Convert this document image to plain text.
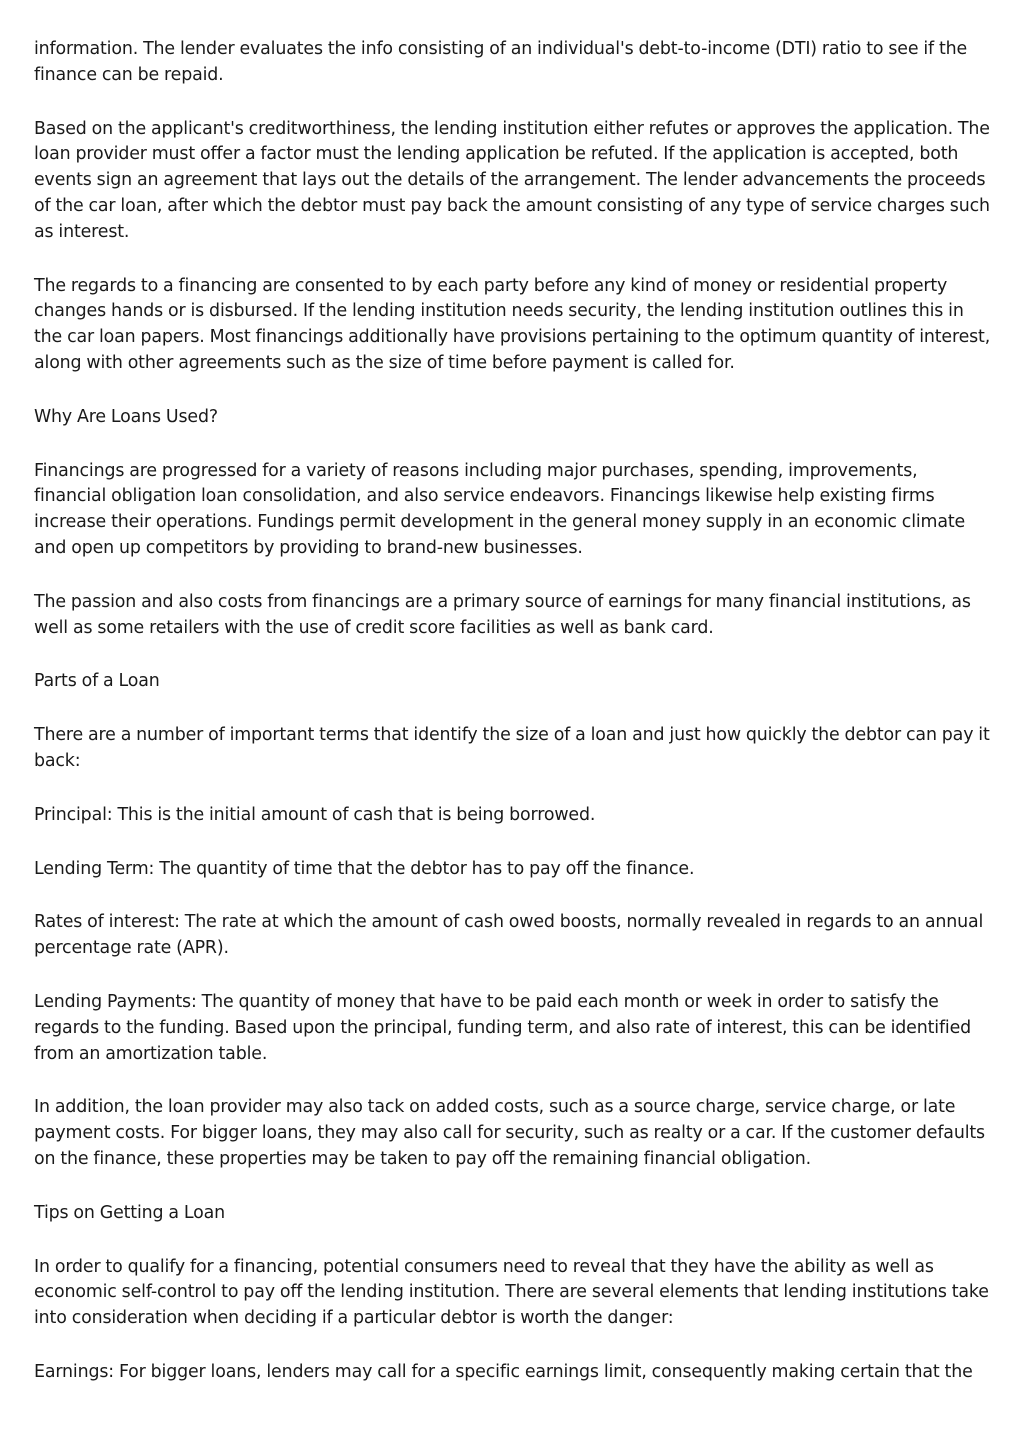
information. The lender evaluates the info consisting of an individual's debt-to-income (DTI) ratio to see if the finance can be repaid.

Based on the applicant's creditworthiness, the lending institution either refutes or approves the application. The loan provider must offer a factor must the lending application be refuted. If the application is accepted, both events sign an agreement that lays out the details of the arrangement. The lender advancements the proceeds of the car loan, after which the debtor must pay back the amount consisting of any type of service charges such as interest.

The regards to a financing are consented to by each party before any kind of money or residential property changes hands or is disbursed. If the lending institution needs security, the lending institution outlines this in the car loan papers. Most financings additionally have provisions pertaining to the optimum quantity of interest, along with other agreements such as the size of time before payment is called for.

Why Are Loans Used?

Financings are progressed for a variety of reasons including major purchases, spending, improvements, financial obligation loan consolidation, and also service endeavors. Financings likewise help existing firms increase their operations. Fundings permit development in the general money supply in an economic climate and open up competitors by providing to brand-new businesses.

The passion and also costs from financings are a primary source of earnings for many financial institutions, as well as some retailers with the use of credit score facilities as well as bank card.

Parts of a Loan

There are a number of important terms that identify the size of a loan and just how quickly the debtor can pay it back:

Principal: This is the initial amount of cash that is being borrowed.

Lending Term: The quantity of time that the debtor has to pay off the finance.

Rates of interest: The rate at which the amount of cash owed boosts, normally revealed in regards to an annual percentage rate (APR).

Lending Payments: The quantity of money that have to be paid each month or week in order to satisfy the regards to the funding. Based upon the principal, funding term, and also rate of interest, this can be identified from an amortization table.

In addition, the loan provider may also tack on added costs, such as a source charge, service charge, or late payment costs. For bigger loans, they may also call for security, such as realty or a car. If the customer defaults on the finance, these properties may be taken to pay off the remaining financial obligation.

Tips on Getting a Loan

In order to qualify for a financing, potential consumers need to reveal that they have the ability as well as economic self-control to pay off the lending institution. There are several elements that lending institutions take into consideration when deciding if a particular debtor is worth the danger:

Earnings: For bigger loans, lenders may call for a specific earnings limit, consequently making certain that the
